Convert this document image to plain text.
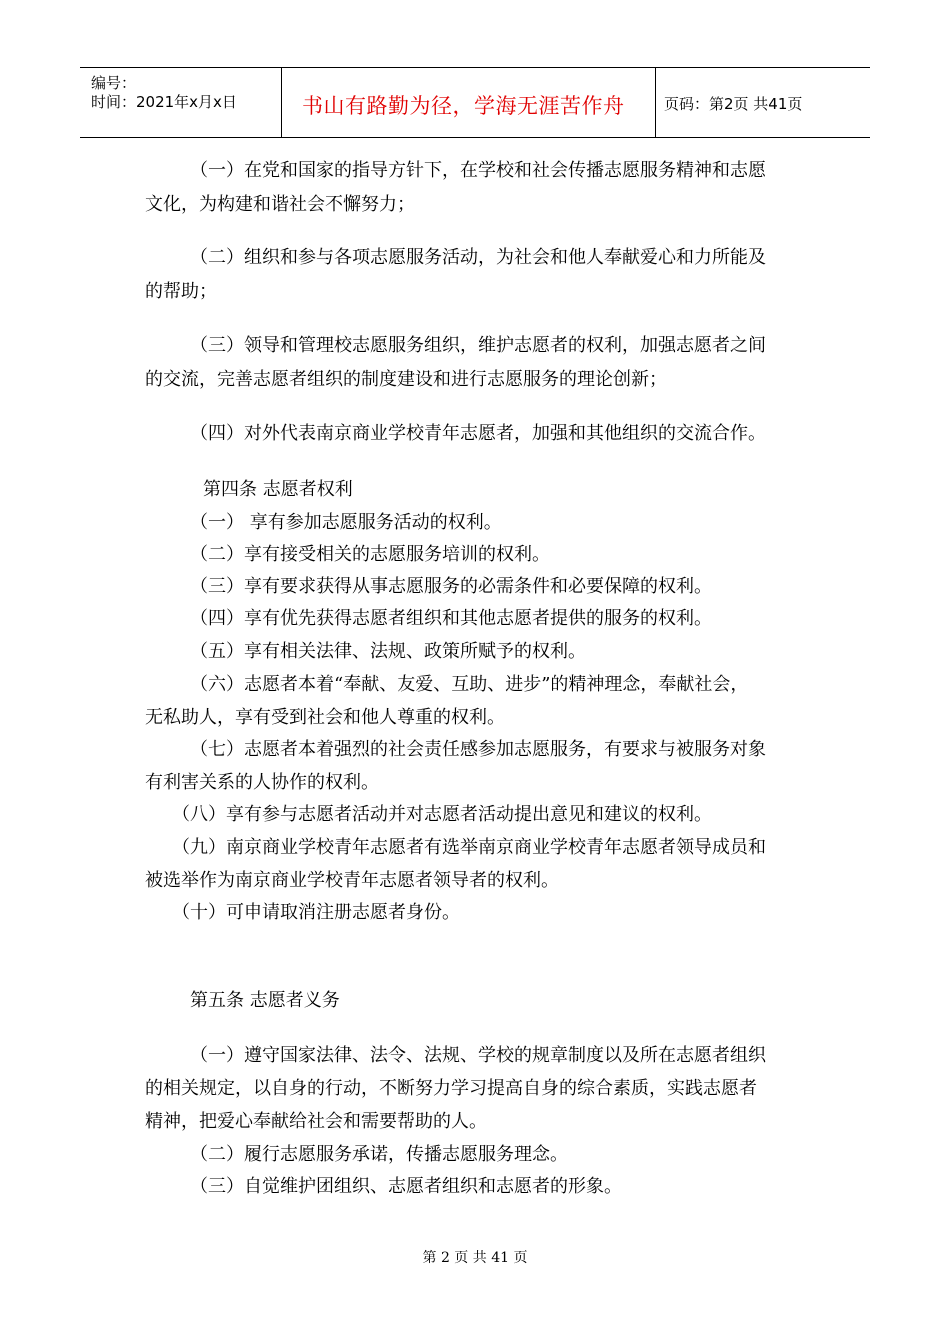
编号：
时间：2021年x月x日	书山有路勤为径，学海无涯苦作舟	页码：第2页 共41页
（一）在党和国家的指导方针下，在学校和社会传播志愿服务精神和志愿
文化，为构建和谐社会不懈努力；
（二）组织和参与各项志愿服务活动，为社会和他人奉献爱心和力所能及
的帮助；
（三）领导和管理校志愿服务组织，维护志愿者的权利，加强志愿者之间
的交流，完善志愿者组织的制度建设和进行志愿服务的理论创新；
（四）对外代表南京商业学校青年志愿者，加强和其他组织的交流合作。
第四条 志愿者权利
（一） 享有参加志愿服务活动的权利。
（二）享有接受相关的志愿服务培训的权利。
（三）享有要求获得从事志愿服务的必需条件和必要保障的权利。
（四）享有优先获得志愿者组织和其他志愿者提供的服务的权利。
（五）享有相关法律、法规、政策所赋予的权利。
（六）志愿者本着“奉献、友爱、互助、进步”的精神理念，奉献社会，
无私助人，享有受到社会和他人尊重的权利。
（七）志愿者本着强烈的社会责任感参加志愿服务，有要求与被服务对象
有利害关系的人协作的权利。
（八）享有参与志愿者活动并对志愿者活动提出意见和建议的权利。
（九）南京商业学校青年志愿者有选举南京商业学校青年志愿者领导成员和
被选举作为南京商业学校青年志愿者领导者的权利。
（十）可申请取消注册志愿者身份。
第五条 志愿者义务
（一）遵守国家法律、法令、法规、学校的规章制度以及所在志愿者组织
的相关规定，以自身的行动，不断努力学习提高自身的综合素质，实践志愿者
精神，把爱心奉献给社会和需要帮助的人。
（二）履行志愿服务承诺，传播志愿服务理念。
（三）自觉维护团组织、志愿者组织和志愿者的形象。
第 2 页 共 41 页
